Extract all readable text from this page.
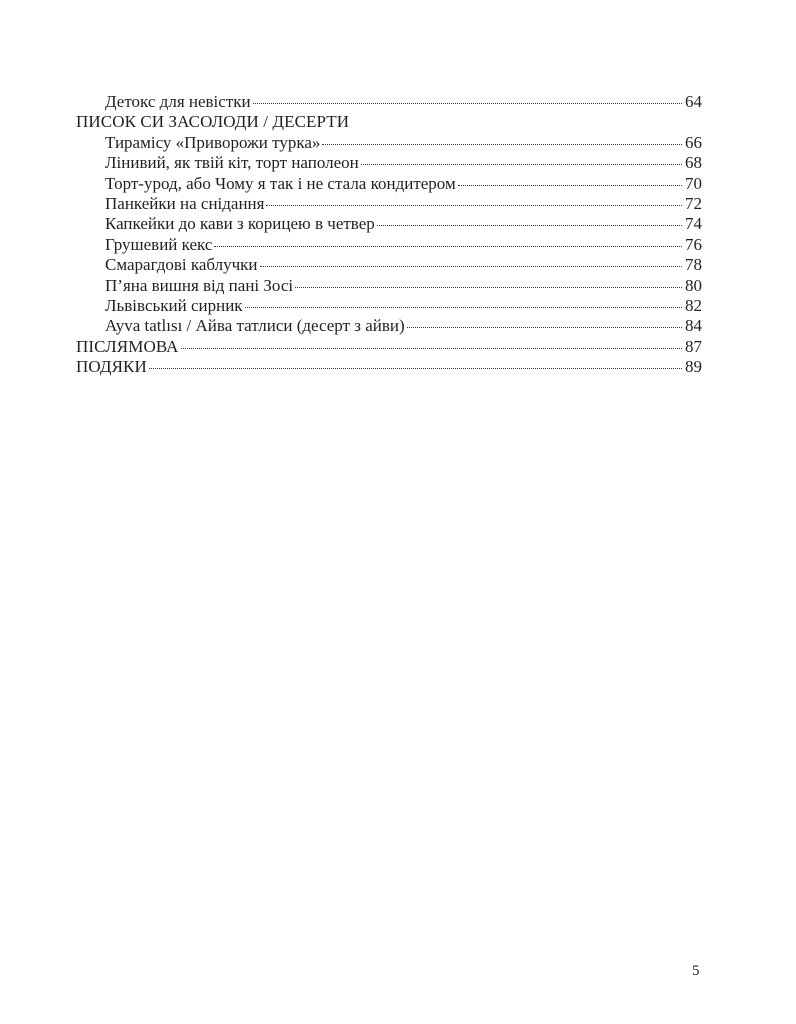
Детокс для невістки	64
ПИСОК СИ ЗАСОЛОДИ / ДЕСЕРТИ
Тирамісу «Приворожи турка»	66
Лінивий, як твій кіт, торт наполеон	68
Торт-урод, або Чому я так і не стала кондитером	70
Панкейки на снідання	72
Капкейки до кави з корицею в четвер	74
Грушевий кекс	76
Смарагдові каблучки	78
П’яна вишня від пані Зосі	80
Львівський сирник	82
Ayva tatlısı / Айва татлиси (десерт з айви)	84
ПІСЛЯМОВА	87
ПОДЯКИ	89
5
